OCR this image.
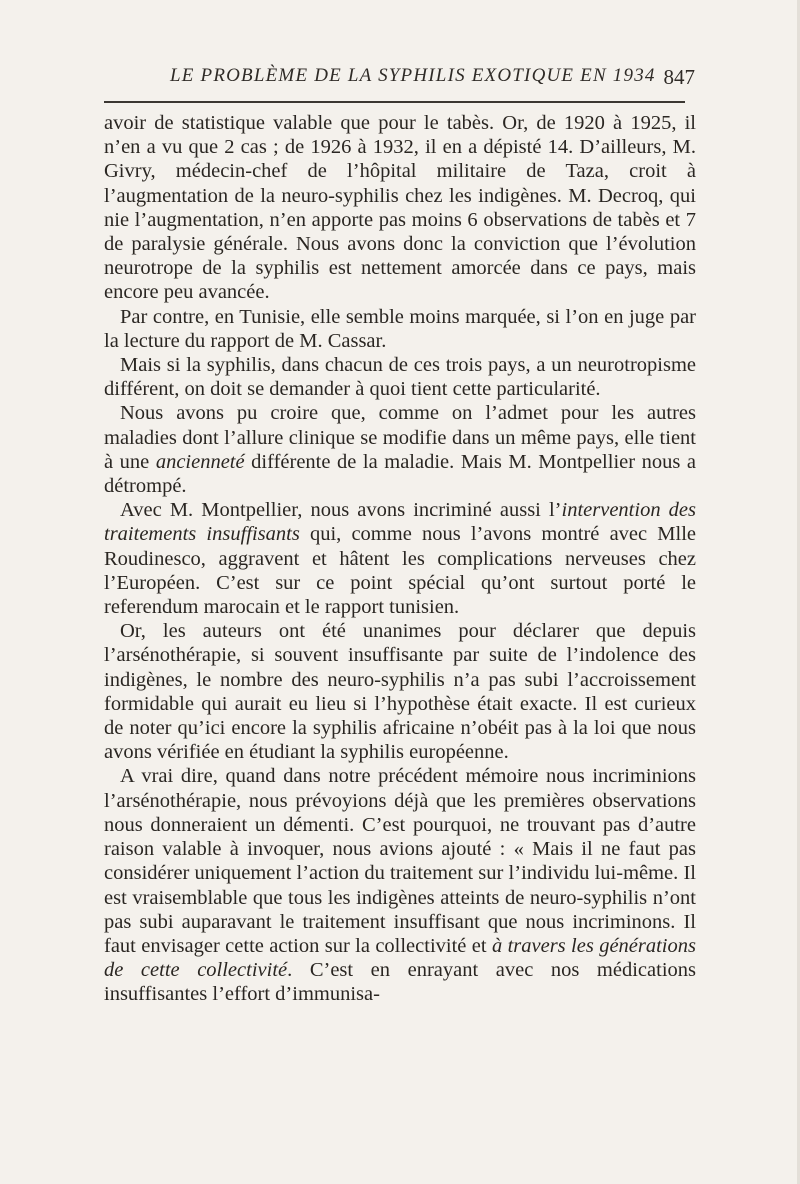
LE PROBLÈME DE LA SYPHILIS EXOTIQUE EN 1934 847

avoir de statistique valable que pour le tabès. Or, de 1920 à 1925, il n’en a vu que 2 cas ; de 1926 à 1932, il en a dépisté 14. D’ailleurs, M. Givry, médecin-chef de l’hôpital militaire de Taza, croit à l’augmentation de la neuro-syphilis chez les indigènes. M. Decroq, qui nie l’augmentation, n’en apporte pas moins 6 observations de tabès et 7 de paralysie générale. Nous avons donc la conviction que l’évolution neurotrope de la syphilis est nettement amorcée dans ce pays, mais encore peu avancée.

Par contre, en Tunisie, elle semble moins marquée, si l’on en juge par la lecture du rapport de M. Cassar.

Mais si la syphilis, dans chacun de ces trois pays, a un neurotropisme différent, on doit se demander à quoi tient cette particularité.

Nous avons pu croire que, comme on l’admet pour les autres maladies dont l’allure clinique se modifie dans un même pays, elle tient à une ancienneté différente de la maladie. Mais M. Montpellier nous a détrompé.

Avec M. Montpellier, nous avons incriminé aussi l’intervention des traitements insuffisants qui, comme nous l’avons montré avec Mlle Roudinesco, aggravent et hâtent les complications nerveuses chez l’Européen. C’est sur ce point spécial qu’ont surtout porté le referendum marocain et le rapport tunisien.

Or, les auteurs ont été unanimes pour déclarer que depuis l’arsénothérapie, si souvent insuffisante par suite de l’indolence des indigènes, le nombre des neuro-syphilis n’a pas subi l’accroissement formidable qui aurait eu lieu si l’hypothèse était exacte. Il est curieux de noter qu’ici encore la syphilis africaine n’obéit pas à la loi que nous avons vérifiée en étudiant la syphilis européenne.

A vrai dire, quand dans notre précédent mémoire nous incriminions l’arsénothérapie, nous prévoyions déjà que les premières observations nous donneraient un démenti. C’est pourquoi, ne trouvant pas d’autre raison valable à invoquer, nous avions ajouté : « Mais il ne faut pas considérer uniquement l’action du traitement sur l’individu lui-même. Il est vraisemblable que tous les indigènes atteints de neuro-syphilis n’ont pas subi auparavant le traitement insuffisant que nous incriminons. Il faut envisager cette action sur la collectivité et à travers les générations de cette collectivité. C’est en enrayant avec nos médications insuffisantes l’effort d’immunisa-
